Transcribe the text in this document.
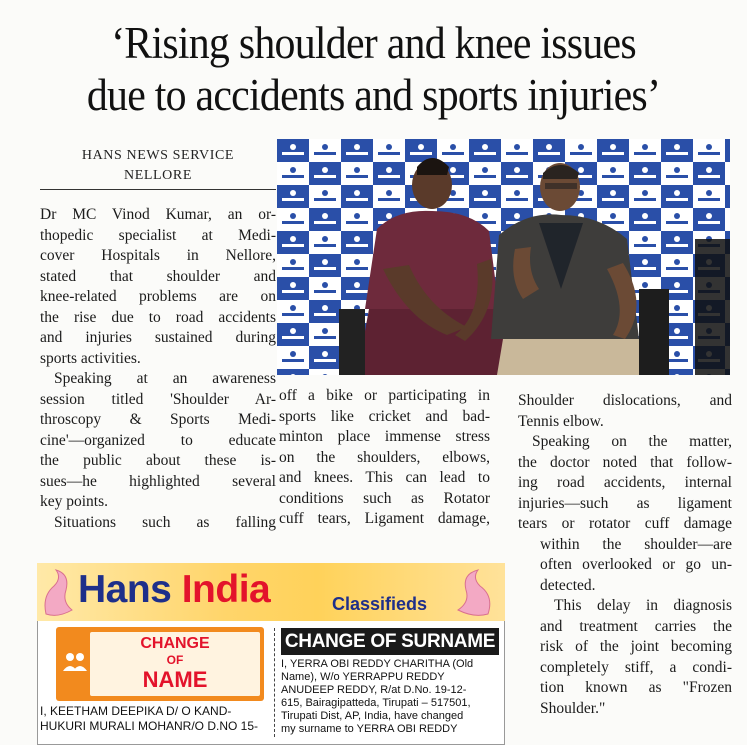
‘Rising shoulder and knee issues
due to accidents and sports injuries’
HANS NEWS SERVICE
NELLORE
Dr MC Vinod Kumar, an or-
thopedic specialist at Medi-
cover Hospitals in Nellore,
stated that shoulder and
knee-related problems are on
the rise due to road accidents
and injuries sustained during
sports activities.
Speaking at an awareness
session titled 'Shoulder Ar-
throscopy & Sports Medi-
cine'—organized to educate
the public about these is-
sues—he highlighted several
key points.
Situations such as falling
off a bike or participating in
sports like cricket and bad-
minton place immense stress
on the shoulders, elbows,
and knees. This can lead to
conditions such as Rotator
cuff tears, Ligament damage,
Shoulder dislocations, and
Tennis elbow.
Speaking on the matter,
the doctor noted that follow-
ing road accidents, internal
injuries—such as ligament
tears or rotator cuff damage
within the shoulder—are
often overlooked or go un-
detected.
This delay in diagnosis
and treatment carries the
risk of the joint becoming
completely stiff, a condi-
tion known as "Frozen
Shoulder."
Hans India	Classifieds
CHANGE
OF
NAME
CHANGE OF SURNAME
I, KEETHAM DEEPIKA D/ O KAND-
HUKURI MURALI MOHANR/O D.NO 15-
I, YERRA OBI REDDY CHARITHA (Old
Name), W/o YERRAPPU REDDY
ANUDEEP REDDY, R/at D.No. 19-12-
615, Bairagipatteda, Tirupati – 517501,
Tirupati Dist, AP, India, have changed
my surname to YERRA OBI REDDY
